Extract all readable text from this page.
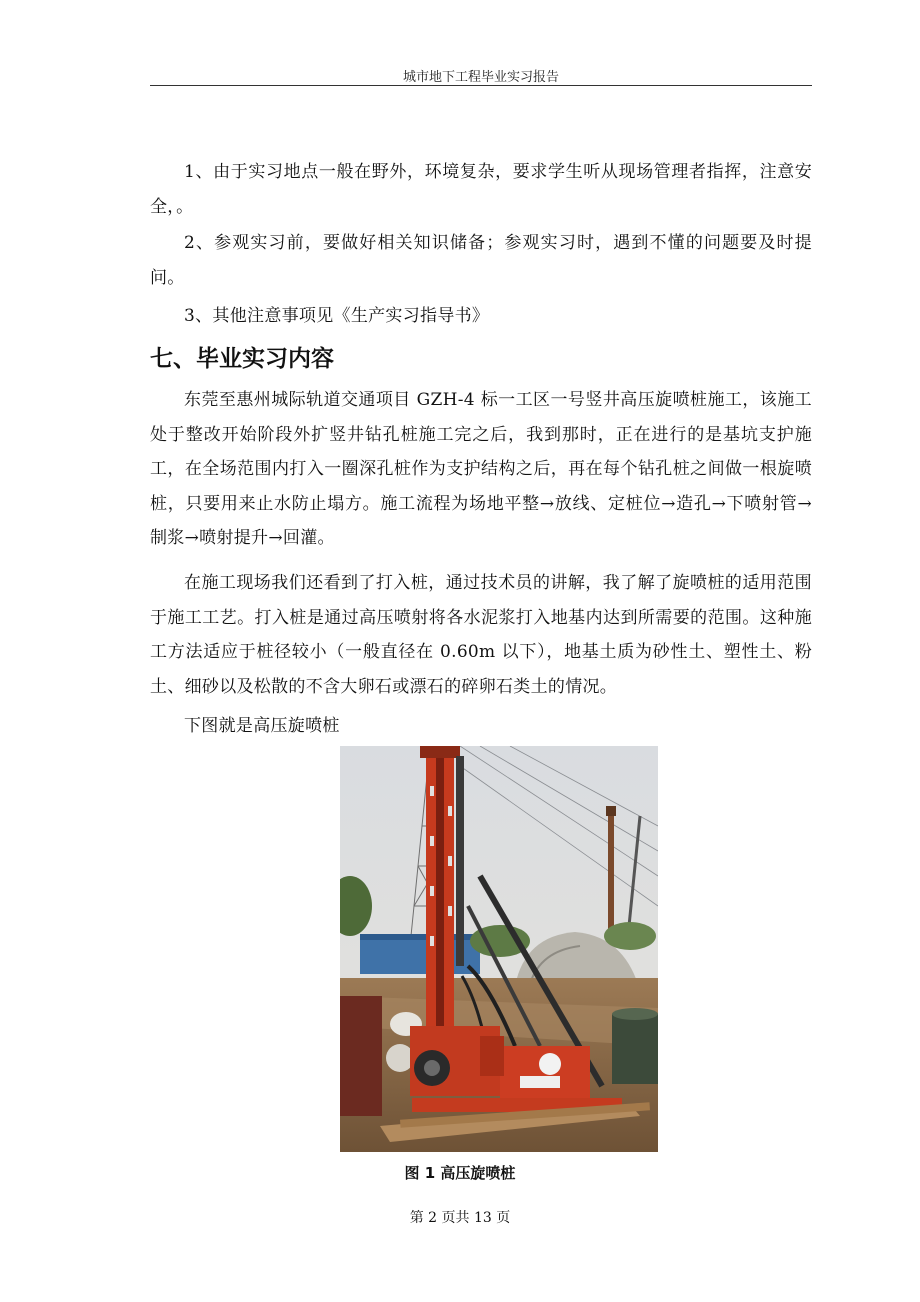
城市地下工程毕业实习报告

1、由于实习地点一般在野外，环境复杂，要求学生听从现场管理者指挥，注意安全，。

2、参观实习前，要做好相关知识储备；参观实习时，遇到不懂的问题要及时提问。

3、其他注意事项见《生产实习指导书》

七、毕业实习内容

东莞至惠州城际轨道交通项目 GZH-4 标一工区一号竖井高压旋喷桩施工，该施工处于整改开始阶段外扩竖井钻孔桩施工完之后，我到那时，正在进行的是基坑支护施工，在全场范围内打入一圈深孔桩作为支护结构之后，再在每个钻孔桩之间做一根旋喷桩，只要用来止水防止塌方。施工流程为场地平整→放线、定桩位→造孔→下喷射管→制浆→喷射提升→回灌。

在施工现场我们还看到了打入桩，通过技术员的讲解，我了解了旋喷桩的适用范围于施工工艺。打入桩是通过高压喷射将各水泥浆打入地基内达到所需要的范围。这种施工方法适应于桩径较小（一般直径在 0.60m 以下），地基土质为砂性土、塑性土、粉土、细砂以及松散的不含大卵石或漂石的碎卵石类土的情况。

下图就是高压旋喷桩

图 1 高压旋喷桩
第 2 页共 13 页
